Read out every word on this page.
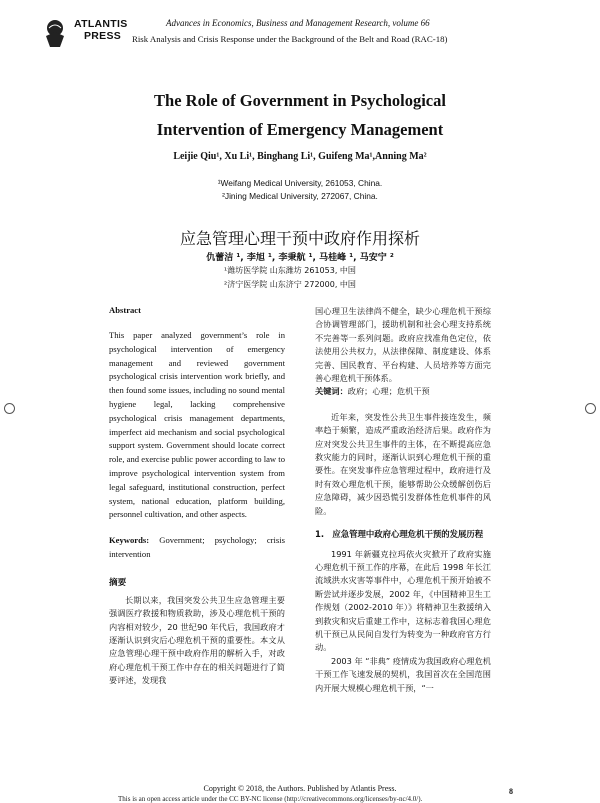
ATLANTIS
PRESS
Advances in Economics, Business and Management Research, volume 66
Risk Analysis and Crisis Response under the Background of the Belt and Road (RAC-18)
The Role of Government in Psychological
Intervention of Emergency Management
Leijie Qiu¹, Xu Li¹, Binghang Li¹, Guifeng Ma¹,Anning Ma²
¹Weifang Medical University, 261053, China.
²Jining Medical University, 272067, China.
应急管理心理干预中政府作用探析
仇蕾洁 ¹, 李旭 ¹, 李秉航 ¹, 马桂峰 ¹, 马安宁 ²
¹潍坊医学院 山东潍坊 261053, 中国
²济宁医学院 山东济宁 272000, 中国

Abstract

This paper analyzed government’s role in psychological intervention of emergency management and reviewed government psychological crisis intervention work briefly, and then found some issues, including no sound mental hygiene legal, lacking comprehensive psychological crisis management departments, imperfect aid mechanism and social psychological support system. Government should locate correct role, and exercise public power according to law to improve psychological intervention system from legal safeguard, institutional construction, perfect system, national education, platform building, personnel cultivation, and other aspects.

Keywords: Government; psychology; crisis intervention

摘要

长期以来，我国突发公共卫生应急管理主要强调医疗救援和物质救助，涉及心理危机干预的内容相对较少，20 世纪90 年代后，我国政府才逐渐认识到灾后心理危机干预的重要性。本文从应急管理心理干预中政府作用的解析入手，对政府心理危机干预工作中存在的相关问题进行了简要评述，发现我

国心理卫生法律尚不健全，缺少心理危机干预综合协调管理部门，援助机制和社会心理支持系统不完善等一系列问题。政府应找准角色定位，依法使用公共权力，从法律保障、制度建设、体系完善、国民教育、平台构建、人员培养等方面完善心理危机干预体系。

关键词：政府；心理；危机干预

近年来，突发性公共卫生事件接连发生，频率趋于频繁，造成严重政治经济后果。政府作为应对突发公共卫生事件的主体，在不断提高应急救灾能力的同时，逐渐认识到心理危机干预的重要性。在突发事件应急管理过程中，政府进行及时有效心理危机干预，能够帮助公众缓解创伤后应急障碍，减少因恐慌引发群体性危机事件的风险。

1.　应急管理中政府心理危机干预的发展历程

1991 年新疆克拉玛依火灾掀开了政府实施心理危机干预工作的序幕，在此后 1998 年长江流域洪水灾害等事件中，心理危机干预开始被不断尝试并逐步发展，2002 年，《中国精神卫生工作规划（2002-2010 年）》将精神卫生救援纳入到救灾和灾后重建工作中，这标志着我国心理危机干预已从民间自发行为转变为一种政府官方行动。

2003 年 “非典” 疫情成为我国政府心理危机干预工作飞速发展的契机，我国首次在全国范围内开展大规模心理危机干预，“一

Copyright © 2018, the Authors. Published by Atlantis Press.	8
This is an open access article under the CC BY-NC license (http://creativecommons.org/licenses/by-nc/4.0/).
